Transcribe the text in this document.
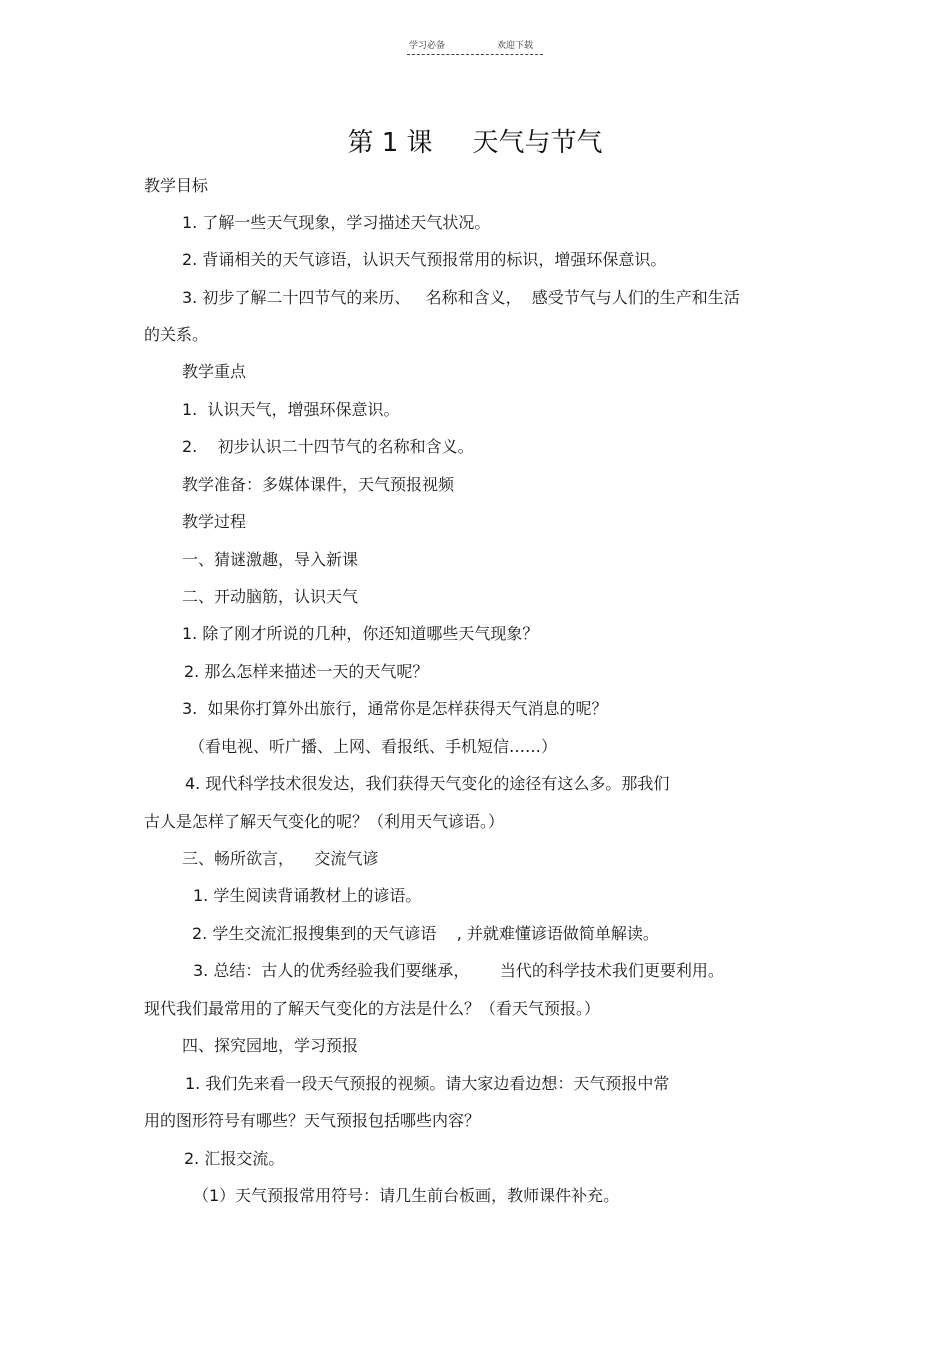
学习必备	欢迎下载
第 1 课 天气与节气
教学目标
1. 了解一些天气现象，学习描述天气状况。
2. 背诵相关的天气谚语，认识天气预报常用的标识，增强环保意识。
3. 初步了解二十四节气的来历、   名称和含义，  感受节气与人们的生产和生活
的关系。
教学重点
1.  认识天气，增强环保意识。
2.    初步认识二十四节气的名称和含义。
教学准备：多媒体课件，天气预报视频
教学过程
一、猜谜激趣，导入新课
二、开动脑筋，认识天气
1. 除了刚才所说的几种，你还知道哪些天气现象？
2. 那么怎样来描述一天的天气呢？
3.  如果你打算外出旅行，通常你是怎样获得天气消息的呢？
（看电视、听广播、上网、看报纸、手机短信……）
4. 现代科学技术很发达，我们获得天气变化的途径有这么多。那我们
古人是怎样了解天气变化的呢？（利用天气谚语。）
三、畅所欲言，    交流气谚
1. 学生阅读背诵教材上的谚语。
2. 学生交流汇报搜集到的天气谚语    , 并就难懂谚语做简单解读。
3. 总结：古人的优秀经验我们要继承，      当代的科学技术我们更要利用。
现代我们最常用的了解天气变化的方法是什么？（看天气预报。）
四、探究园地，学习预报
1. 我们先来看一段天气预报的视频。请大家边看边想：天气预报中常
用的图形符号有哪些？天气预报包括哪些内容？
2. 汇报交流。
（1）天气预报常用符号：请几生前台板画，教师课件补充。
